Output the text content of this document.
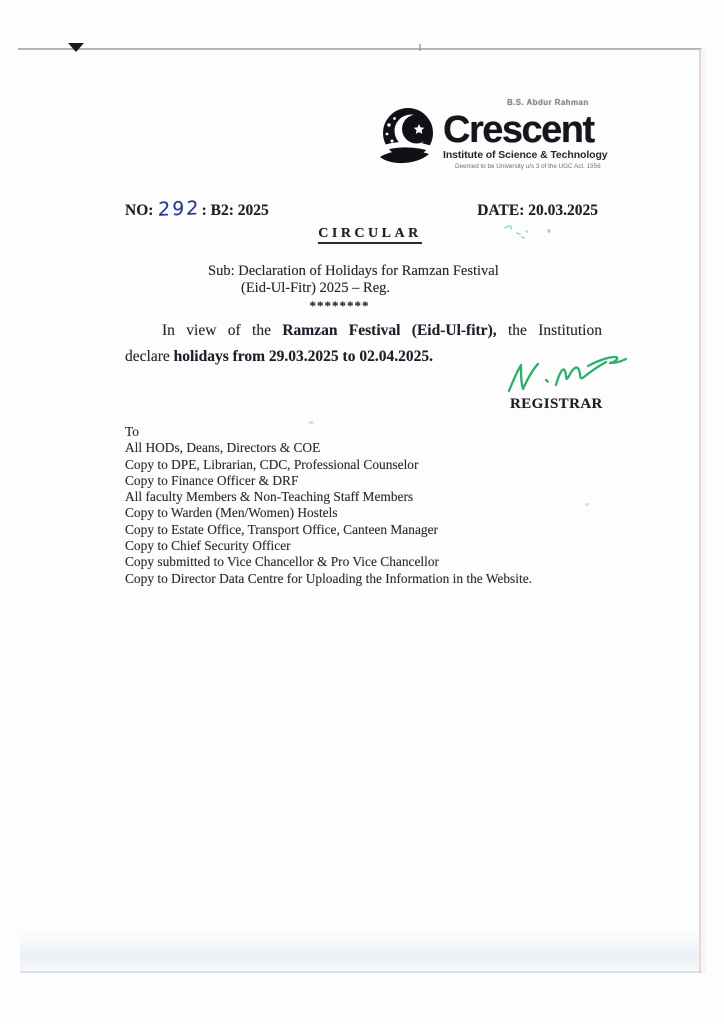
B.S. Abdur Rahman
Crescent
Institute of Science & Technology
Deemed to be University u/s 3 of the UGC Act, 1956
NO: 292: B2: 2025	DATE: 20.03.2025
CIRCULAR
Sub: Declaration of Holidays for Ramzan Festival
(Eid-Ul-Fitr) 2025 – Reg.
********
In view of the Ramzan Festival (Eid-Ul-fitr), the Institution
declare holidays from 29.03.2025 to 02.04.2025.
REGISTRAR
To
All HODs, Deans, Directors & COE
Copy to DPE, Librarian, CDC, Professional Counselor
Copy to Finance Officer & DRF
All faculty Members & Non-Teaching Staff Members
Copy to Warden (Men/Women) Hostels
Copy to Estate Office, Transport Office, Canteen Manager
Copy to Chief Security Officer
Copy submitted to Vice Chancellor & Pro Vice Chancellor
Copy to Director Data Centre for Uploading the Information in the Website.
